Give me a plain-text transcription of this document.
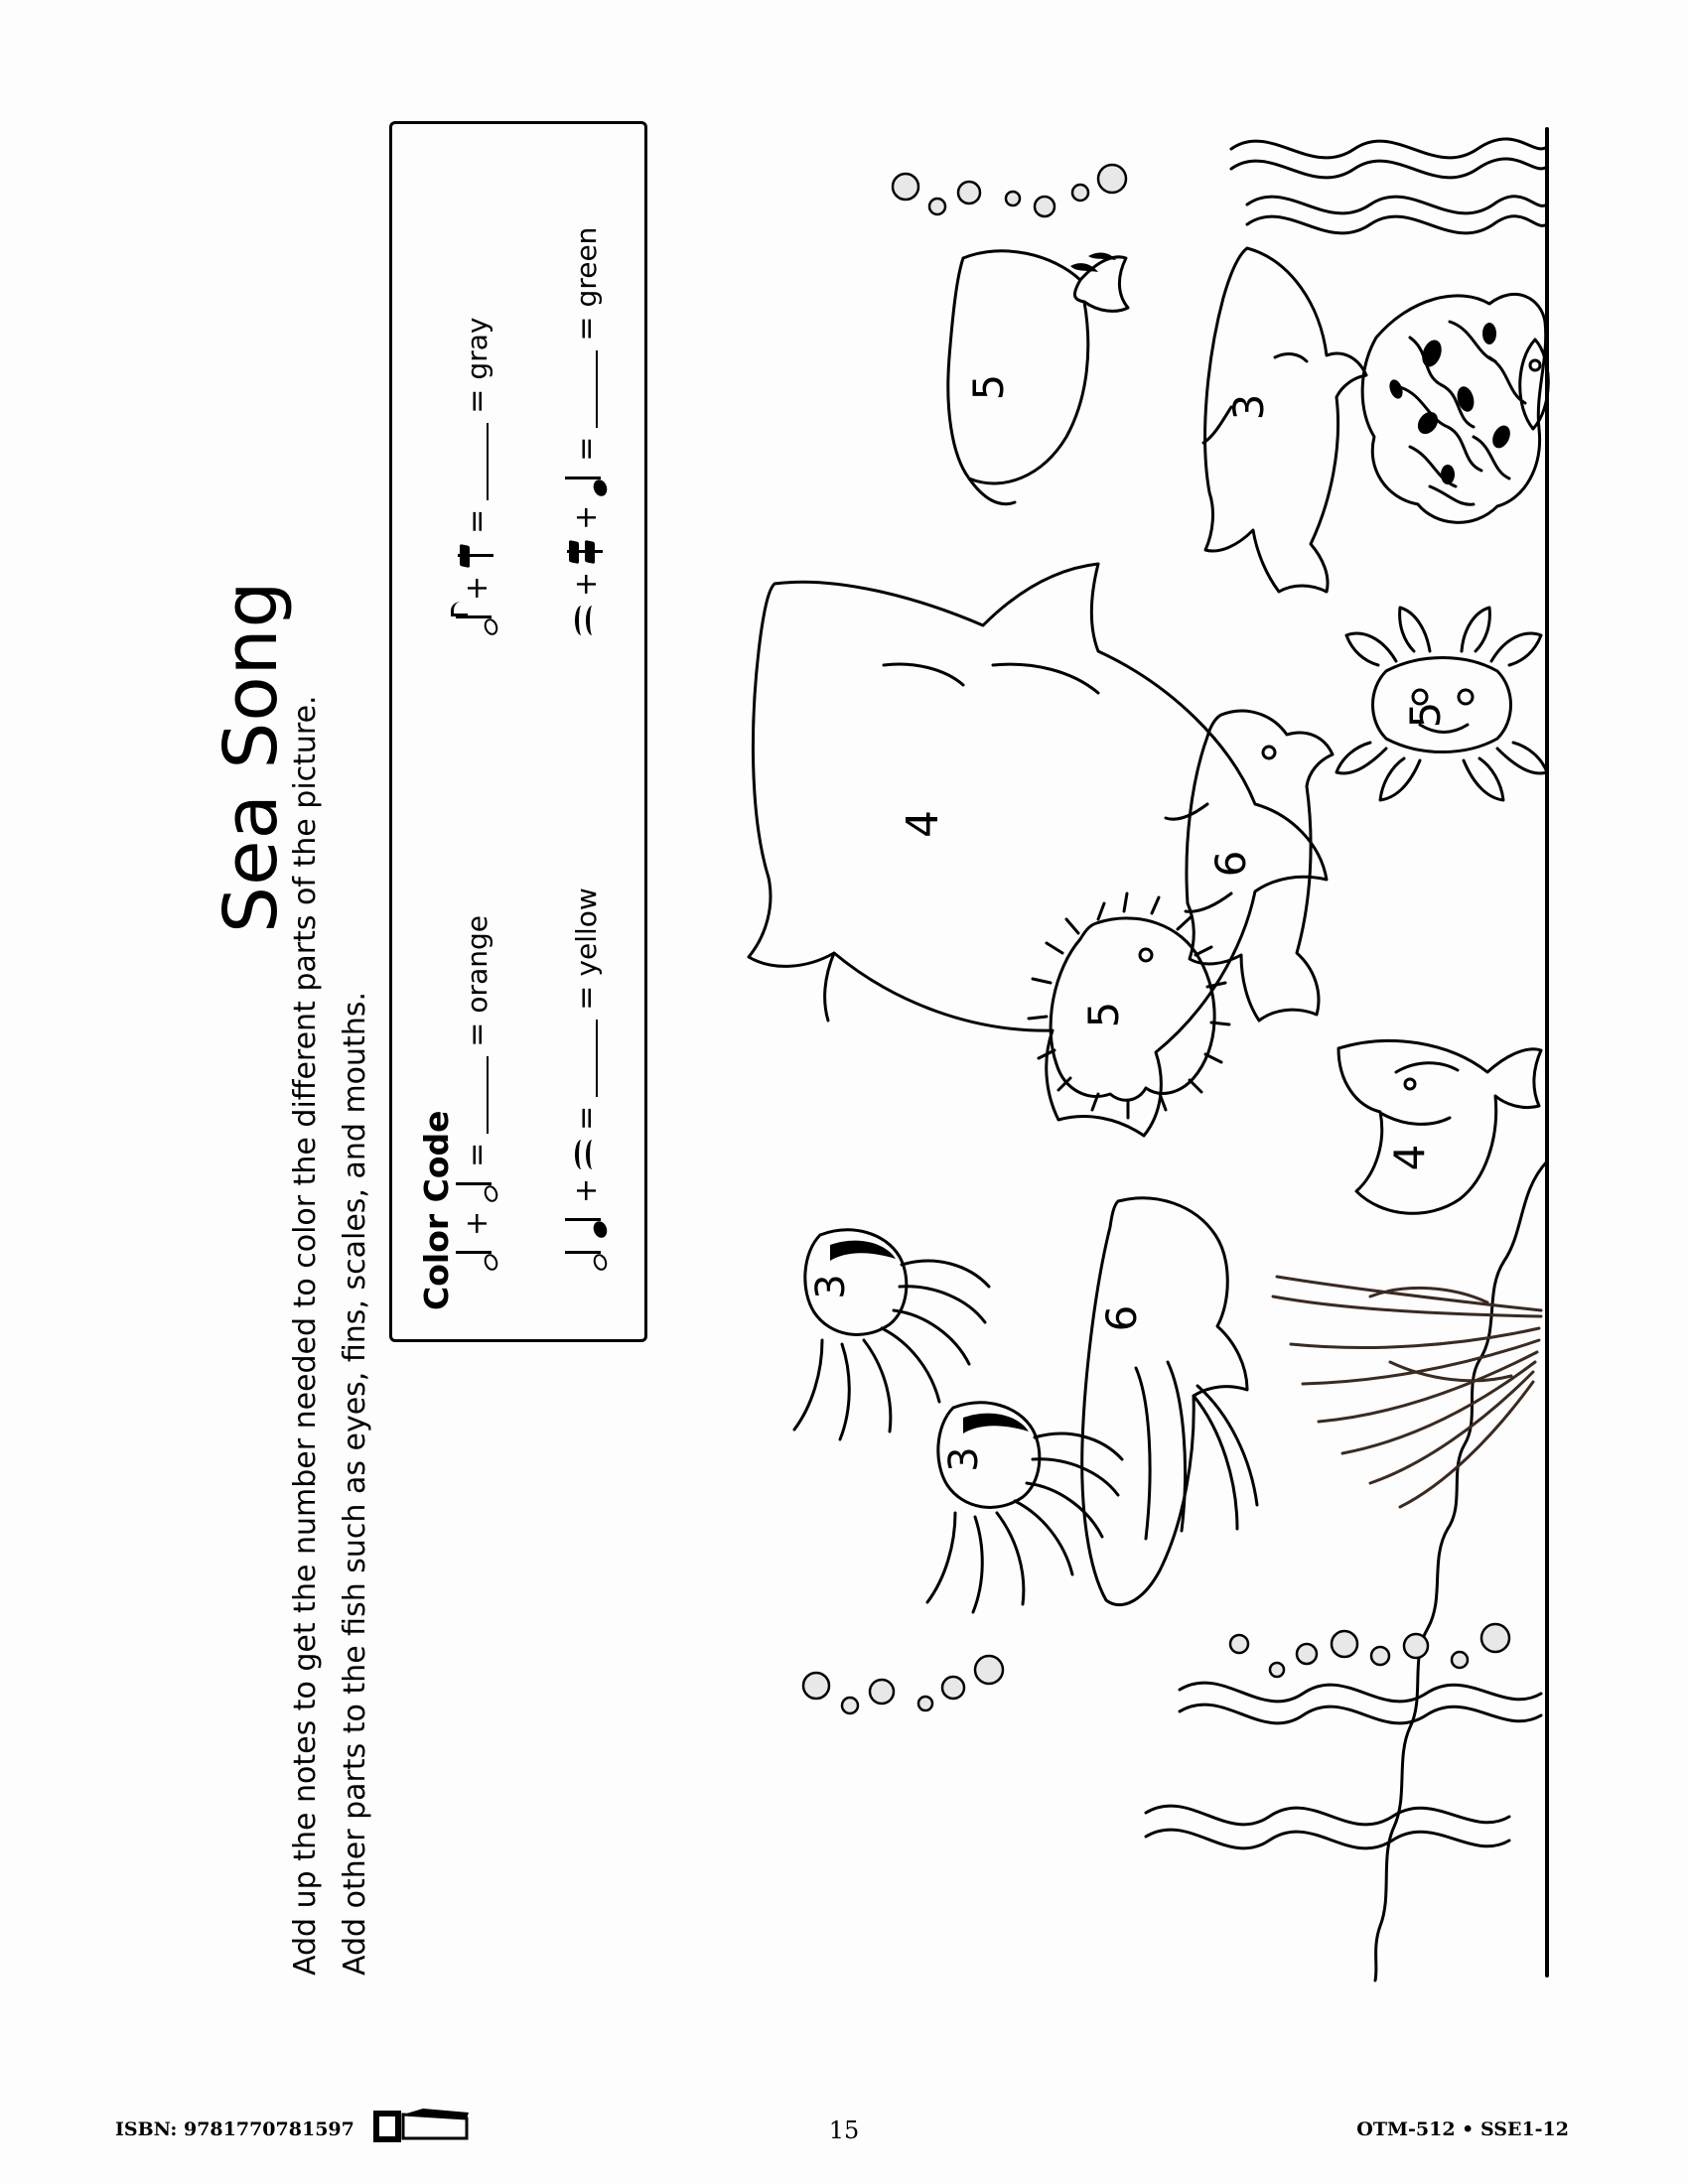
Sea Song
Add up the notes to get the number needed to color the different parts of the picture. Add other parts to the fish such as eyes, fins, scales, and mouths. Color Code +
=
=
orange
+
=
=
gray
+
=
=
yellow
+
+
=
=
green
5
3
4
5
6
5
4
6
3
3
ISBN: 9781770781597	15	OTM-512 • SSE1-12
